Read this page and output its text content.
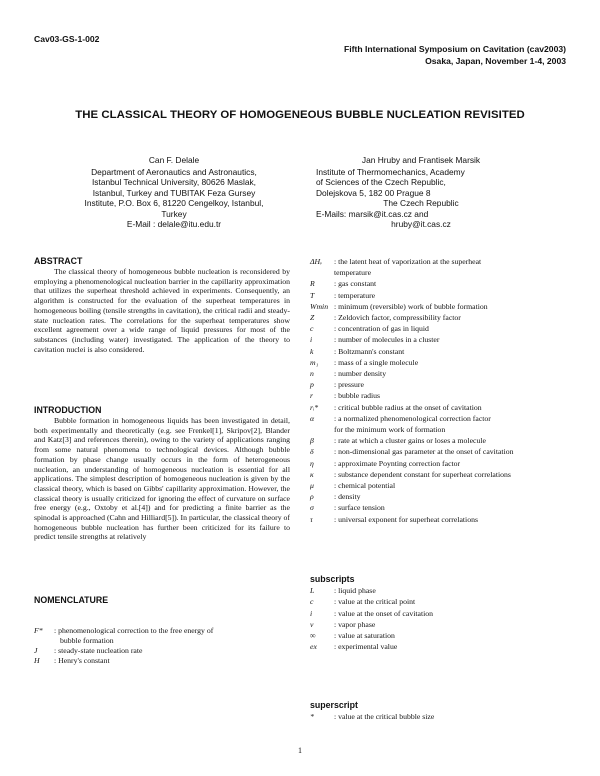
Cav03-GS-1-002
Fifth International Symposium on Cavitation (cav2003)
Osaka, Japan, November 1-4, 2003
THE CLASSICAL THEORY OF HOMOGENEOUS BUBBLE NUCLEATION REVISITED
Can F. Delale
Department of Aeronautics and Astronautics,
Istanbul Technical University, 80626 Maslak,
Istanbul, Turkey and TUBITAK Feza Gursey
Institute, P.O. Box 6, 81220 Cengelkoy, Istanbul,
Turkey
E-Mail : delale@itu.edu.tr
Jan Hruby and Frantisek Marsik
Institute of Thermomechanics, Academy
of Sciences of the Czech Republic,
Dolejskova 5, 182 00 Prague 8
The Czech Republic
E-Mails: marsik@it.cas.cz and
hruby@it.cas.cz
ABSTRACT

The classical theory of homogeneous bubble nucleation is reconsidered by employing a phenomenological nucleation barrier in the capillarity approximation that utilizes the superheat threshold achieved in experiments. Consequently, an algorithm is constructed for the evaluation of the superheat temperatures in homogeneous boiling (tensile strengths in cavitation), the critical radii and steady-state nucleation rates. The correlations for the superheat temperatures show excellent agreement over a wide range of liquid pressures for most of the substances (including water) investigated. The application of the theory to cavitation nuclei is also considered.

INTRODUCTION

Bubble formation in homogeneous liquids has been investigated in detail, both experimentally and theoretically (e.g. see Frenkel[1], Skripov[2], Blander and Katz[3] and references therein), owing to the variety of applications ranging from some natural phenomena to technological devices. Although bubble formation by phase change usually occurs in the form of heterogeneous nucleation, an understanding of homogeneous nucleation is essential for all applications. The simplest description of homogeneous nucleation is given by the classical theory, which is based on Gibbs' capillarity approximation. However, the classical theory is usually criticized for ignoring the effect of curvature on surface free energy (e.g., Oxtoby et al.[4]) and for predicting a finite barrier as the spinodal is approached (Cahn and Hilliard[5]). In particular, the classical theory of homogeneous bubble nucleation has further been criticized for its failure to predict tensile strengths at relatively

NOMENCLATURE
F*	: phenomenological correction to the free energy of
bubble formation
J	: steady-state nucleation rate
H	: Henry's constant
ΔHᵥ	: the latent heat of vaporization at the superheat
temperature
R	: gas constant
T	: temperature
Wmin : minimum (reversible) work of bubble formation
Z	: Zeldovich factor, compressibility factor
c	: concentration of gas in liquid
i	: number of molecules in a cluster
k	: Boltzmann's constant
m₁	: mass of a single molecule
n	: number density
p	: pressure
r	: bubble radius
rᵢ*	: critical bubble radius at the onset of cavitation
α	: a normalized phenomenological correction factor
for the minimum work of formation
β	: rate at which a cluster gains or loses a molecule
δ	: non-dimensional gas parameter at the onset of cavitation
η	: approximate Poynting correction factor
κ	: substance dependent constant for superheat correlations
μ	: chemical potential
ρ	: density
σ	: surface tension
τ	: universal exponent for superheat correlations
subscripts
L	: liquid phase
c	: value at the critical point
i	: value at the onset of cavitation
v	: vapor phase
∞	: value at saturation
ex	: experimental value
superscript
*	: value at the critical bubble size
1
